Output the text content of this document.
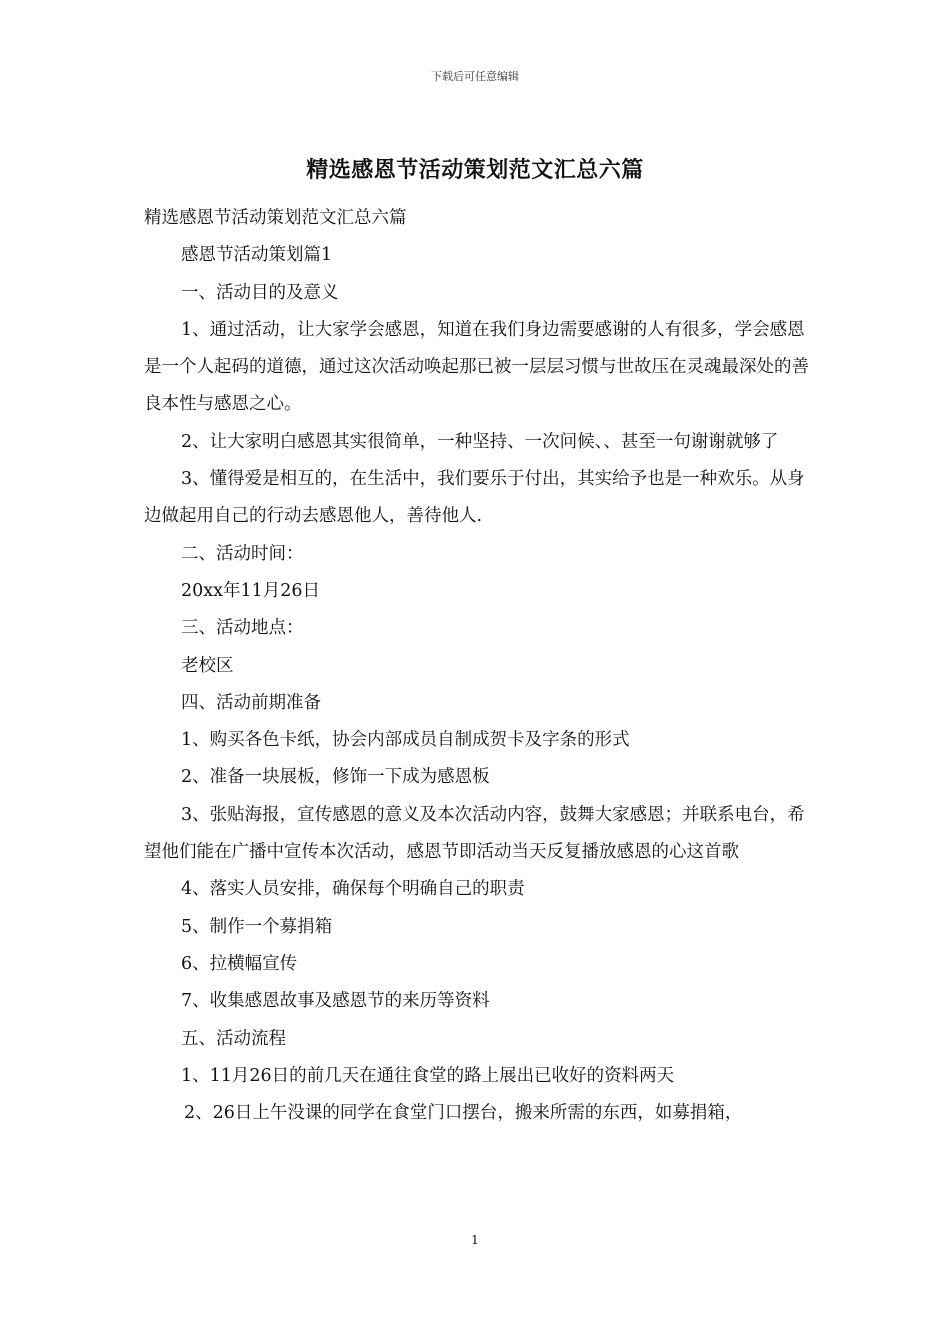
下载后可任意编辑
精选感恩节活动策划范文汇总六篇

精选感恩节活动策划范文汇总六篇

感恩节活动策划篇1

一、活动目的及意义

1、通过活动，让大家学会感恩，知道在我们身边需要感谢的人有很多，学会感恩是一个人起码的道德，通过这次活动唤起那已被一层层习惯与世故压在灵魂最深处的善良本性与感恩之心。

2、让大家明白感恩其实很简单，一种坚持、一次问候、、甚至一句谢谢就够了

3、懂得爱是相互的，在生活中，我们要乐于付出，其实给予也是一种欢乐。从身边做起用自己的行动去感恩他人，善待他人.

二、活动时间：

20xx年11月26日

三、活动地点：

老校区

四、活动前期准备

1、购买各色卡纸，协会内部成员自制成贺卡及字条的形式

2、准备一块展板，修饰一下成为感恩板

3、张贴海报，宣传感恩的意义及本次活动内容，鼓舞大家感恩；并联系电台，希望他们能在广播中宣传本次活动，感恩节即活动当天反复播放感恩的心这首歌

4、落实人员安排，确保每个明确自己的职责

5、制作一个募捐箱

6、拉横幅宣传

7、收集感恩故事及感恩节的来历等资料

五、活动流程

1、11月26日的前几天在通往食堂的路上展出已收好的资料两天

2、26日上午没课的同学在食堂门口摆台，搬来所需的东西，如募捐箱，

1
